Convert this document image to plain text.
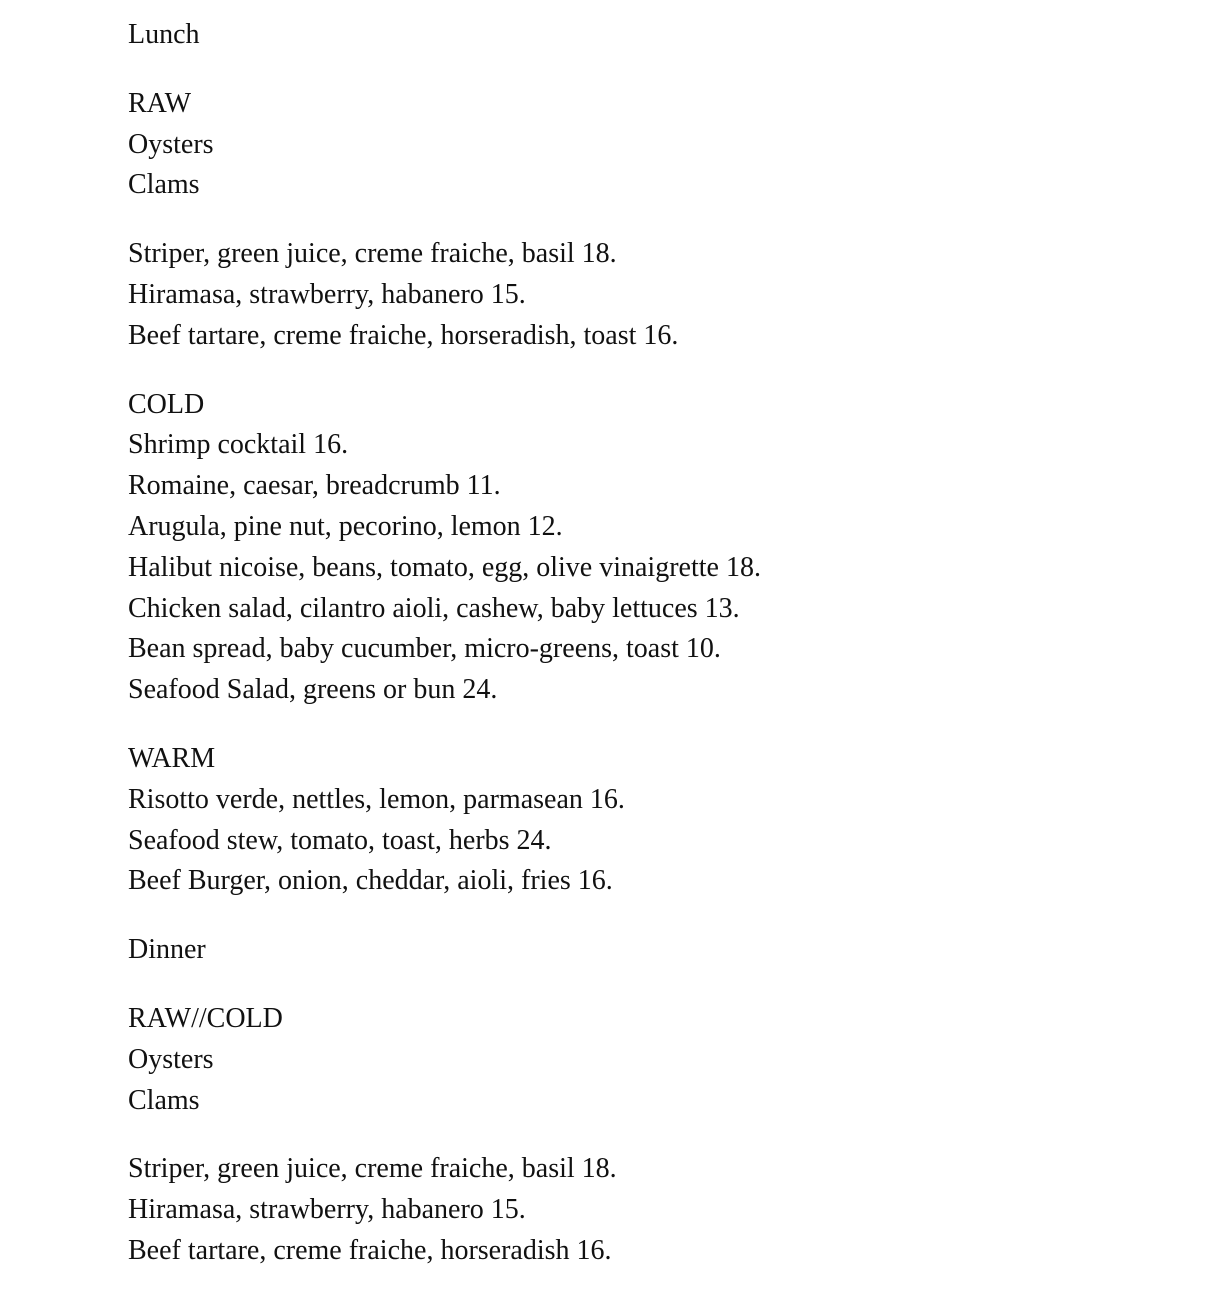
Lunch
RAW
Oysters
Clams
Striper, green juice, creme fraiche, basil 18.
Hiramasa, strawberry, habanero 15.
Beef tartare, creme fraiche, horseradish, toast 16.
COLD
Shrimp cocktail 16.
Romaine, caesar, breadcrumb 11.
Arugula, pine nut, pecorino, lemon 12.
Halibut nicoise, beans, tomato, egg, olive vinaigrette 18.
Chicken salad, cilantro aioli, cashew, baby lettuces 13.
Bean spread, baby cucumber, micro-greens, toast 10.
Seafood Salad, greens or bun 24.
WARM
Risotto verde, nettles, lemon, parmasean 16.
Seafood stew, tomato, toast, herbs 24.
Beef Burger, onion, cheddar, aioli, fries 16.
Dinner
RAW//COLD
Oysters
Clams
Striper, green juice, creme fraiche, basil 18.
Hiramasa, strawberry, habanero 15.
Beef tartare, creme fraiche, horseradish 16.
